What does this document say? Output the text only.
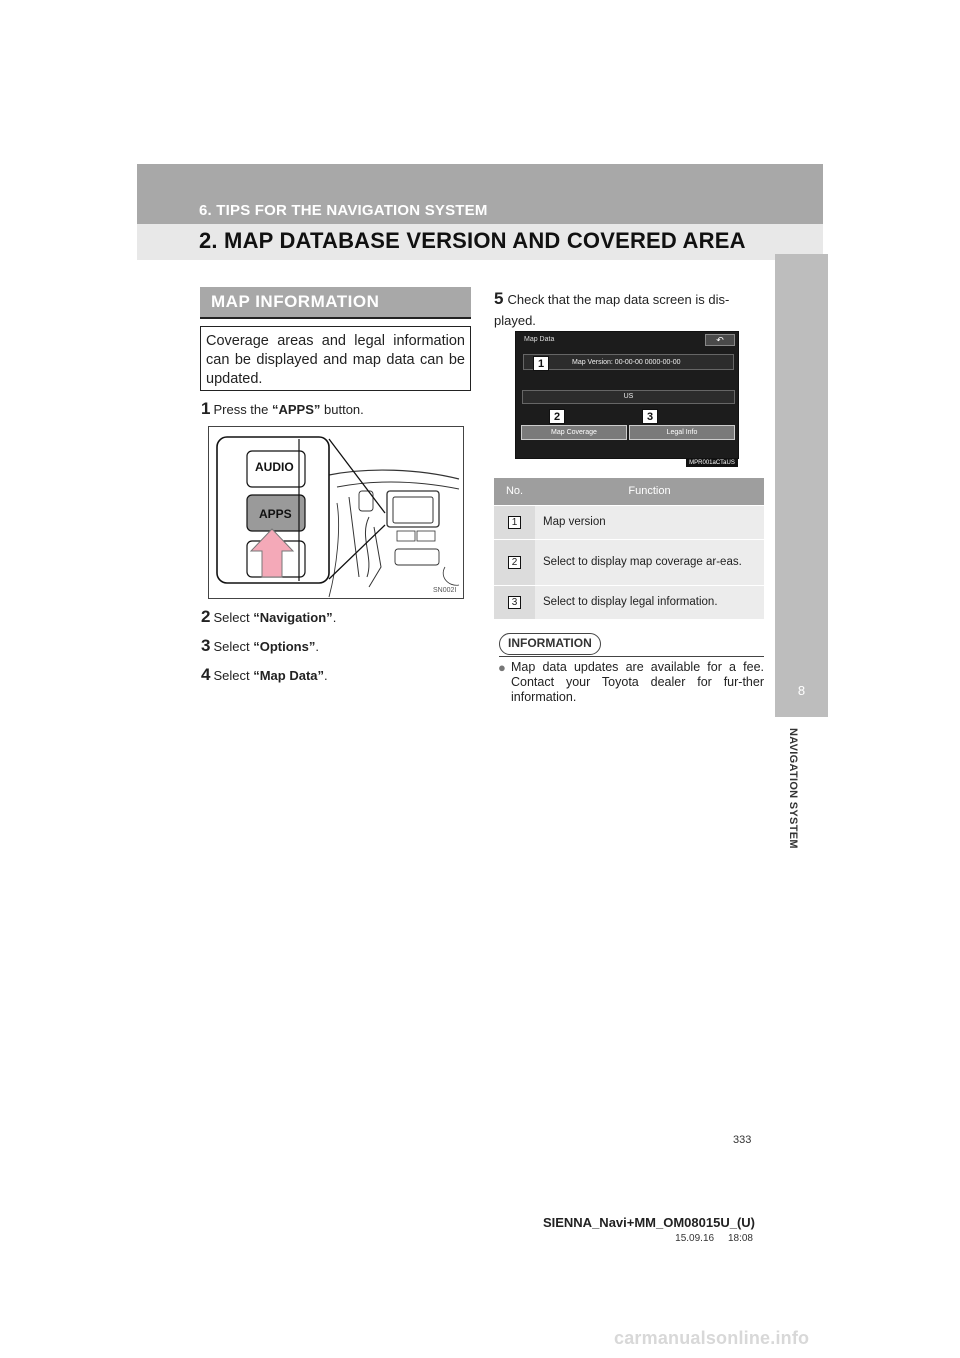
6. TIPS FOR THE NAVIGATION SYSTEM
2. MAP DATABASE VERSION AND COVERED AREA
8
NAVIGATION SYSTEM
MAP INFORMATION
Coverage areas and legal information can be displayed and map data can be updated.
1 Press the “APPS” button.
AUDIO
APPS
SN002I
2 Select “Navigation”.
3 Select “Options”.
4 Select “Map Data”.
5 Check that the map data screen is dis-played.
Map Data	↶
Map Version: 00-00-00 0000-00-00
US
Map Coverage	Legal Info
1
2	3
MPR001aCTaUS
No.	Function
1	Map version
2	Select to display map coverage ar-eas.
3	Select to display legal information.
INFORMATION
● Map data updates are available for a fee. Contact your Toyota dealer for fur-ther information.
333
SIENNA_Navi+MM_OM08015U_(U)
15.09.16     18:08
carmanualsonline.info
